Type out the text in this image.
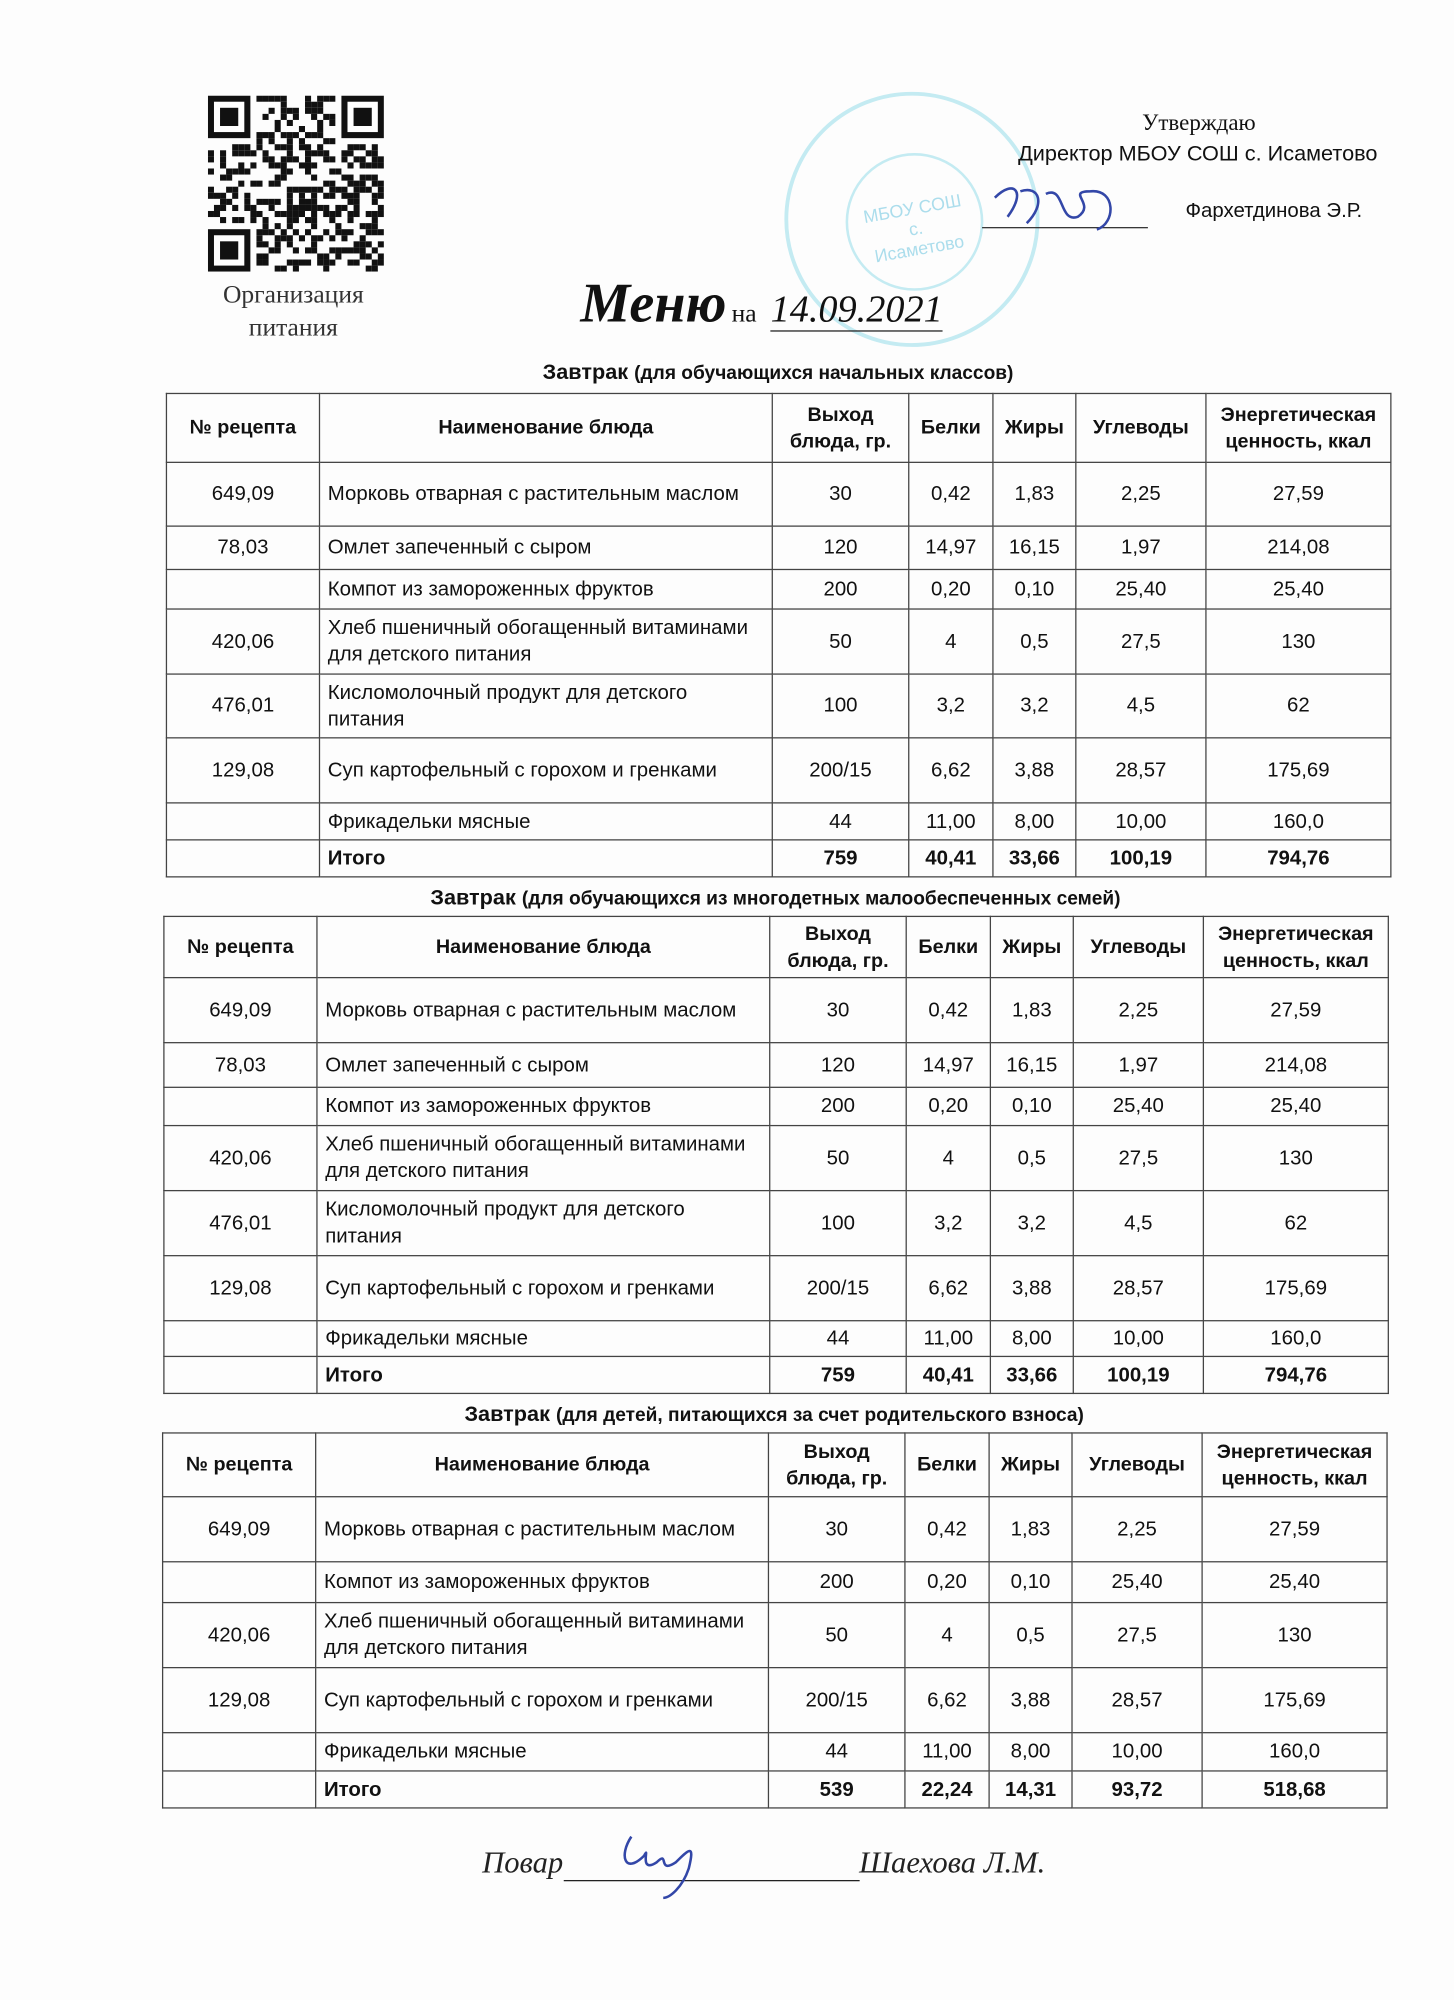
Организация питания
МБОУ СОШ с. Исаметово
Утверждаю
Директор МБОУ СОШ с. Исаметово
Фархетдинова Э.Р.
Меню на 14.09.2021
Завтрак (для обучающихся начальных классов)
№ рецепта	Наименование блюда	Выход блюда, гр.	Белки	Жиры	Углеводы	Энергетическая ценность, ккал
649,09	Морковь отварная с растительным маслом	30	0,42	1,83	2,25	27,59
78,03	Омлет запеченный с сыром	120	14,97	16,15	1,97	214,08
	Компот из замороженных фруктов	200	0,20	0,10	25,40	25,40
420,06	Хлеб пшеничный обогащенный витаминами для детского питания	50	4	0,5	27,5	130
476,01	Кисломолочный продукт для детского питания	100	3,2	3,2	4,5	62
129,08	Суп картофельный с горохом и гренками	200/15	6,62	3,88	28,57	175,69
	Фрикадельки мясные	44	11,00	8,00	10,00	160,0
	Итого	759	40,41	33,66	100,19	794,76
Завтрак (для обучающихся из многодетных малообеспеченных семей)
№ рецепта	Наименование блюда	Выход блюда, гр.	Белки	Жиры	Углеводы	Энергетическая ценность, ккал
649,09	Морковь отварная с растительным маслом	30	0,42	1,83	2,25	27,59
78,03	Омлет запеченный с сыром	120	14,97	16,15	1,97	214,08
	Компот из замороженных фруктов	200	0,20	0,10	25,40	25,40
420,06	Хлеб пшеничный обогащенный витаминами для детского питания	50	4	0,5	27,5	130
476,01	Кисломолочный продукт для детского питания	100	3,2	3,2	4,5	62
129,08	Суп картофельный с горохом и гренками	200/15	6,62	3,88	28,57	175,69
	Фрикадельки мясные	44	11,00	8,00	10,00	160,0
	Итого	759	40,41	33,66	100,19	794,76
Завтрак (для детей, питающихся за счет родительского взноса)
№ рецепта	Наименование блюда	Выход блюда, гр.	Белки	Жиры	Углеводы	Энергетическая ценность, ккал
649,09	Морковь отварная с растительным маслом	30	0,42	1,83	2,25	27,59
	Компот из замороженных фруктов	200	0,20	0,10	25,40	25,40
420,06	Хлеб пшеничный обогащенный витаминами для детского питания	50	4	0,5	27,5	130
129,08	Суп картофельный с горохом и гренками	200/15	6,62	3,88	28,57	175,69
	Фрикадельки мясные	44	11,00	8,00	10,00	160,0
	Итого	539	22,24	14,31	93,72	518,68
Повар	Шаехова Л.М.
